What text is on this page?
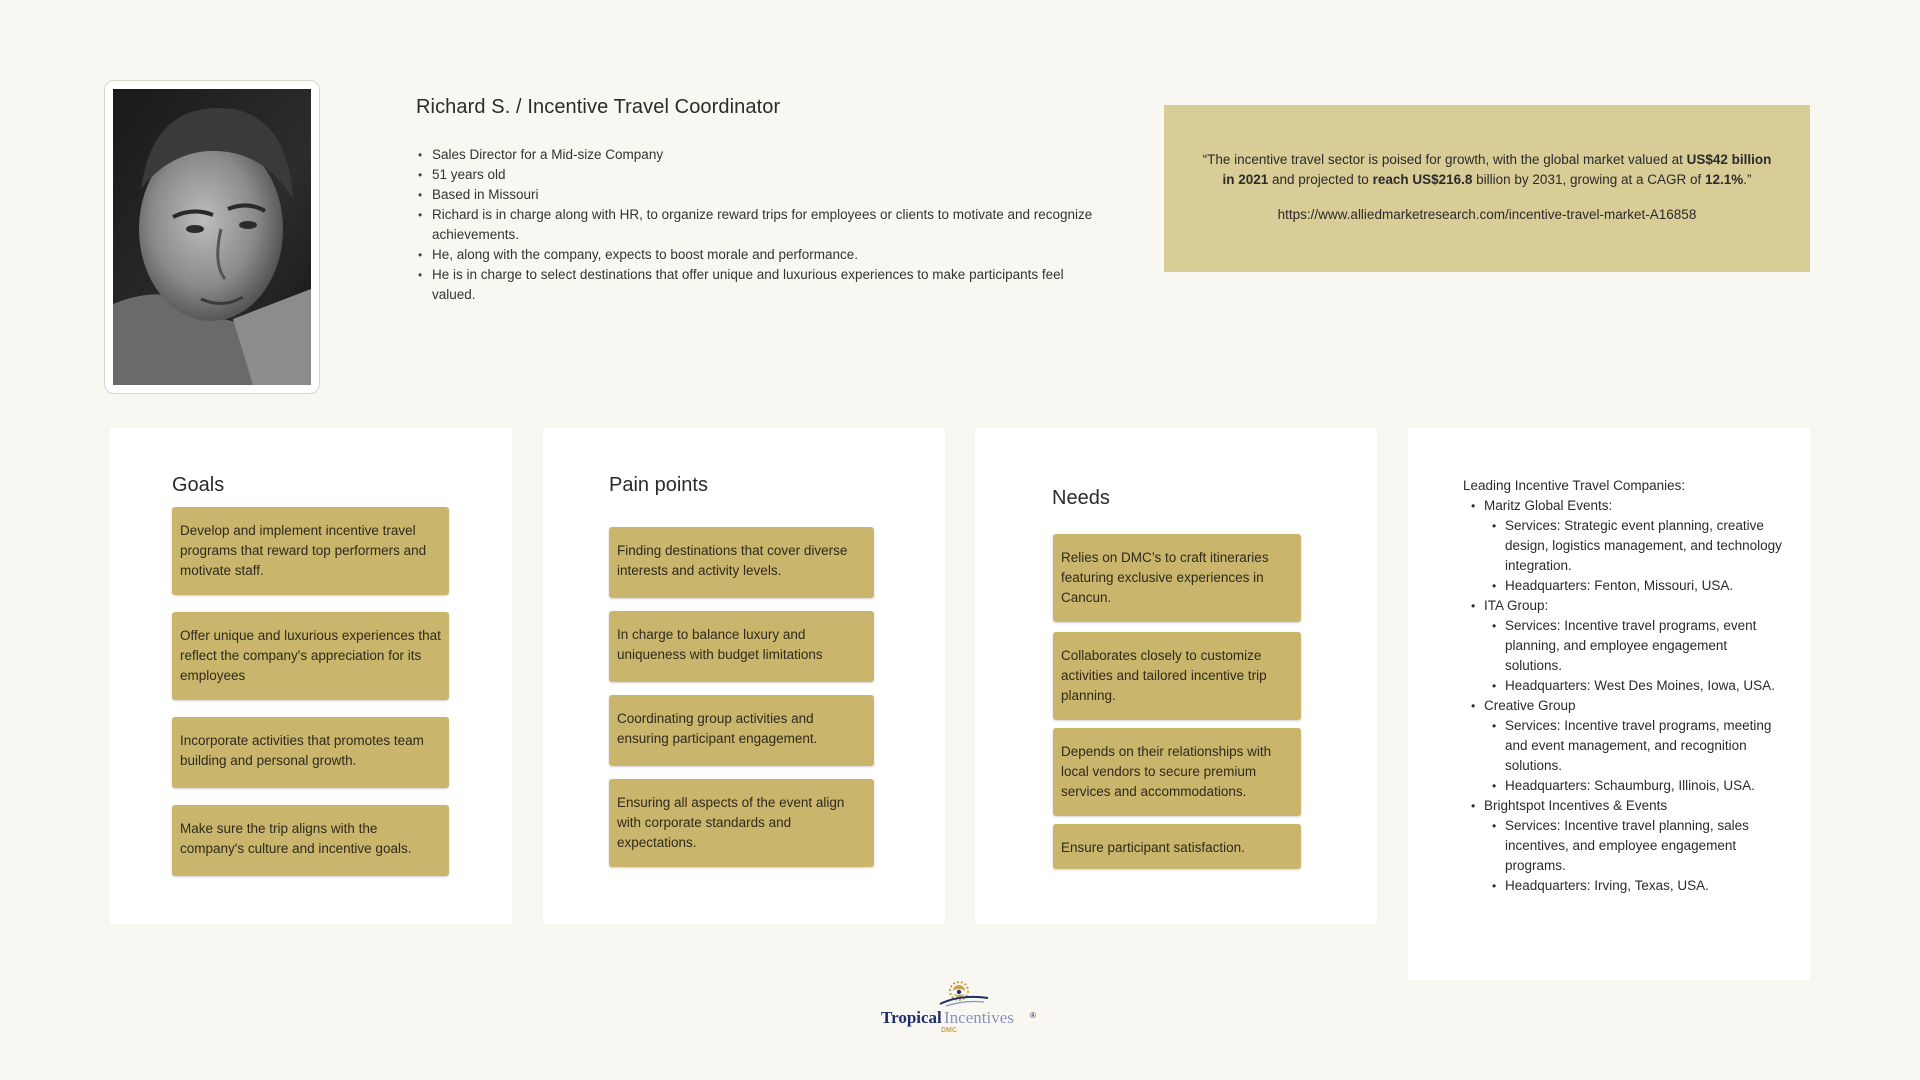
Richard S. / Incentive Travel Coordinator
• Sales Director for a Mid-size Company
• 51 years old
• Based in Missouri
• Richard is in charge along with HR, to organize reward trips for employees or clients to motivate and recognize achievements.
• He, along with the company, expects to boost morale and performance.
• He is in charge to select destinations that offer unique and luxurious experiences to make participants feel valued.

“The incentive travel sector is poised for growth, with the global market valued at US$42 billion in 2021 and projected to reach US$216.8 billion by 2031, growing at a CAGR of 12.1%.”

https://www.alliedmarketresearch.com/incentive-travel-market-A16858

Goals
Develop and implement incentive travel programs that reward top performers and motivate staff.
Offer unique and luxurious experiences that reflect the company's appreciation for its employees
Incorporate activities that promotes team building and personal growth.
Make sure the trip aligns with the company's culture and incentive goals.
Pain points
Finding destinations that cover diverse interests and activity levels.
In charge to balance luxury and uniqueness with budget limitations
Coordinating group activities and ensuring participant engagement.
Ensuring all aspects of the event align with corporate standards and expectations.
Needs
Relies on DMC’s to craft itineraries featuring exclusive experiences in Cancun.
Collaborates closely to customize activities and tailored incentive trip planning.
Depends on their relationships with local vendors to secure premium services and accommodations.
Ensure participant satisfaction.
Leading Incentive Travel Companies:
• Maritz Global Events:
• Services: Strategic event planning, creative design, logistics management, and technology integration.
• Headquarters: Fenton, Missouri, USA.
• ITA Group:
• Services: Incentive travel programs, event planning, and employee engagement solutions.
• Headquarters: West Des Moines, Iowa, USA.
• Creative Group
• Services: Incentive travel programs, meeting and event management, and recognition solutions.
• Headquarters: Schaumburg, Illinois, USA.
• Brightspot Incentives & Events
• Services: Incentive travel planning, sales incentives, and employee engagement programs.
• Headquarters: Irving, Texas, USA.
Tropical Incentives ®
DMC
